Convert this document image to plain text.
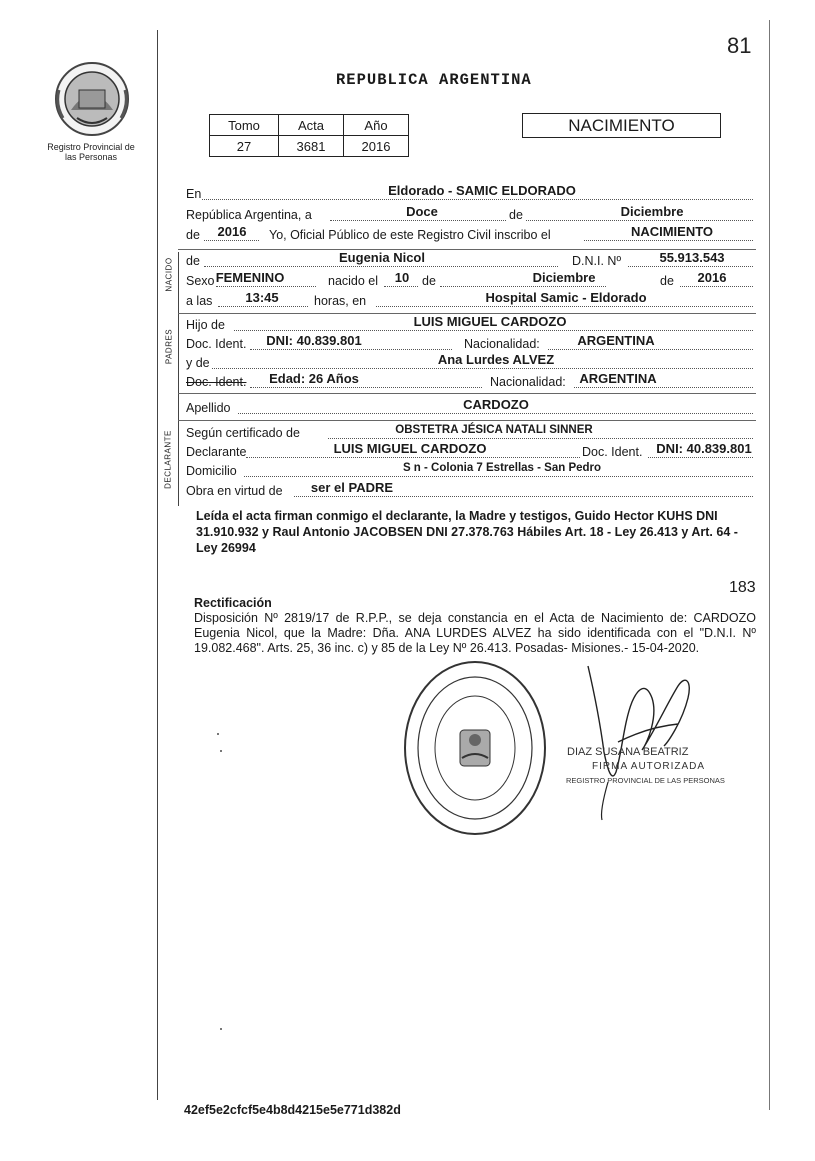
81
Registro Provincial de las Personas
REPUBLICA ARGENTINA
Tomo	Acta	Año
27	3681	2016
NACIMIENTO
En	Eldorado - SAMIC ELDORADO
República Argentina, a	Doce	de	Diciembre
de 2016 Yo, Oficial Público de este Registro Civil inscribo el	NACIMIENTO
NACIDO de	Eugenia Nicol	D.N.I. Nº	55.913.543
Sexo FEMENINO	nacido el 10 de	Diciembre	de 2016
a las	13:45	horas, en	Hospital Samic - Eldorado
PADRES
Hijo de	LUIS MIGUEL CARDOZO
Doc. Ident. DNI: 40.839.801	Nacionalidad:	ARGENTINA
y de	Ana Lurdes ALVEZ
Doc. Ident. Edad: 26 Años	Nacionalidad: ARGENTINA
Apellido	CARDOZO
DECLARANTE Según certificado de	OBSTETRA JÉSICA NATALI SINNER
Declarante	LUIS MIGUEL CARDOZO	Doc. Ident. DNI: 40.839.801
Domicilio	S n - Colonia 7 Estrellas - San Pedro
Obra en virtud de ser el PADRE
Leída el acta firman conmigo el declarante, la Madre y testigos, Guido Hector KUHS DNI 31.910.932 y Raul Antonio JACOBSEN DNI 27.378.763 Hábiles Art. 18 - Ley 26.413 y Art. 64 - Ley 26994
183
Rectificación
Disposición Nº 2819/17 de R.P.P., se deja constancia en el Acta de Nacimiento de: CARDOZO Eugenia Nicol, que la Madre: Dña. ANA LURDES ALVEZ ha sido identificada con el "D.N.I. Nº 19.082.468". Arts. 25, 36 inc. c) y 85 de la Ley Nº 26.413. Posadas- Misiones.- 15-04-2020.
DIAZ SUSANA BEATRIZ
FIRMA AUTORIZADA
REGISTRO PROVINCIAL DE LAS PERSONAS
42ef5e2cfcf5e4b8d4215e5e771d382d
